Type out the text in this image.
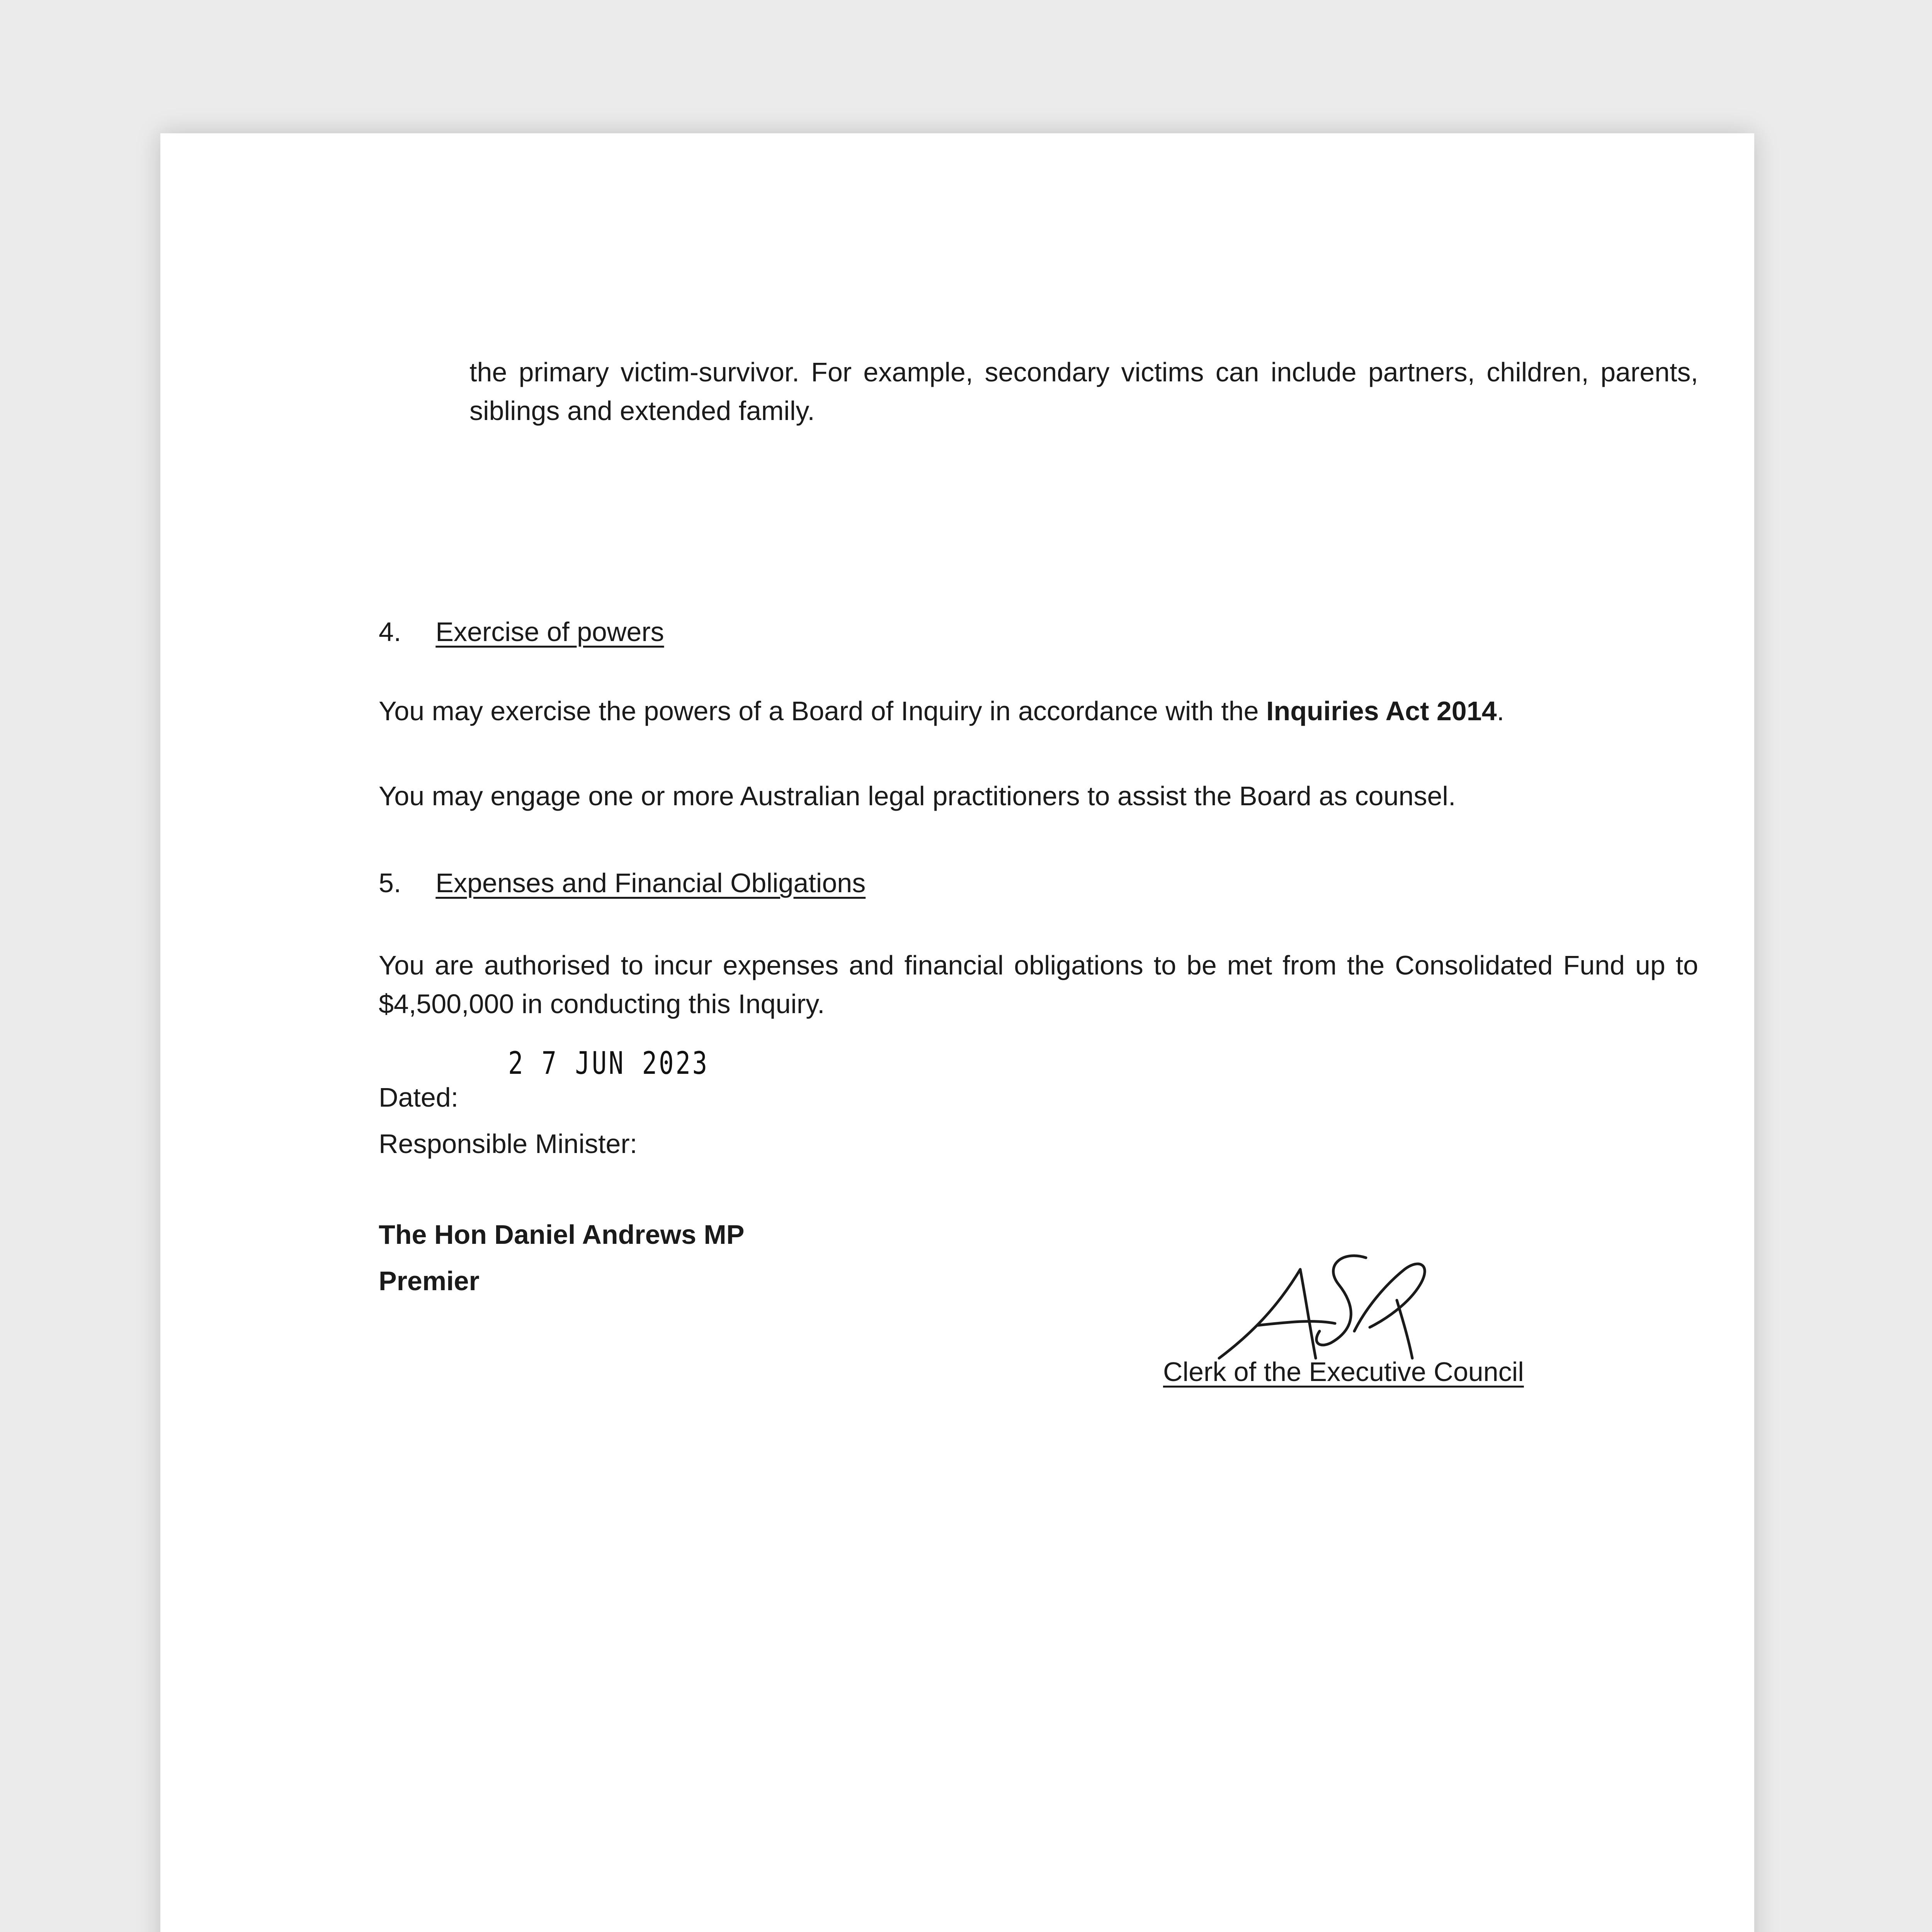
the primary victim-survivor. For example, secondary victims can include partners, children, parents, siblings and extended family.
4. Exercise of powers
You may exercise the powers of a Board of Inquiry in accordance with the Inquiries Act 2014.
You may engage one or more Australian legal practitioners to assist the Board as counsel.
5. Expenses and Financial Obligations
You are authorised to incur expenses and financial obligations to be met from the Consolidated Fund up to $4,500,000 in conducting this Inquiry.
2 7 JUN 2023
Dated:
Responsible Minister:
The Hon Daniel Andrews MP
Premier
Clerk of the Executive Council
